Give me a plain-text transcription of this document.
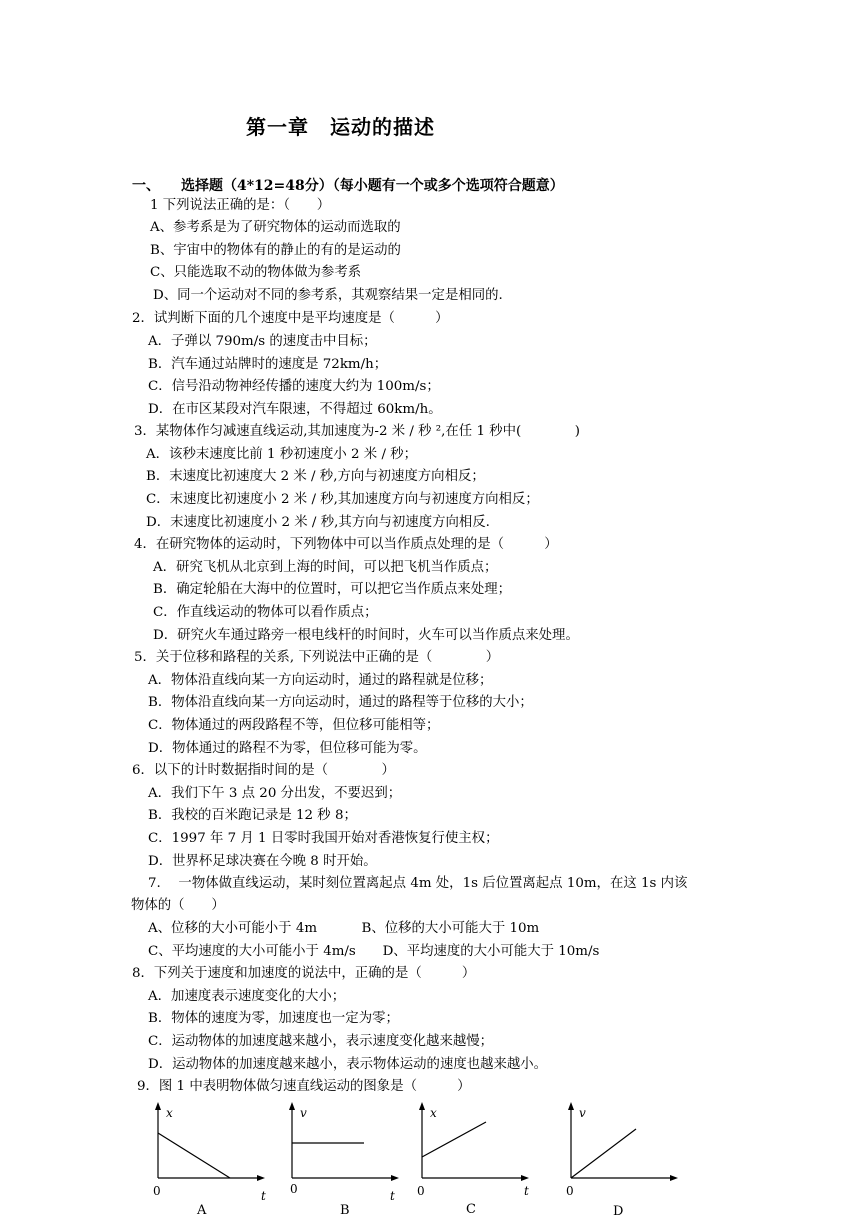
第一章　运动的描述
一、　　选择题（4*12=48分）（每小题有一个或多个选项符合题意）
1 下列说法正确的是：（　　）
A、参考系是为了研究物体的运动而选取的
B、宇宙中的物体有的静止的有的是运动的
C、只能选取不动的物体做为参考系
D、同一个运动对不同的参考系，其观察结果一定是相同的.
2．试判断下面的几个速度中是平均速度是（　　　）
A．子弹以 790m/s 的速度击中目标；
B．汽车通过站牌时的速度是 72km/h；
C．信号沿动物神经传播的速度大约为 100m/s；
D．在市区某段对汽车限速，不得超过 60km/h。
3．某物体作匀减速直线运动,其加速度为-2 米 / 秒 ²,在任 1 秒中(　　　　)
A．该秒末速度比前 1 秒初速度小 2 米 / 秒；
B．末速度比初速度大 2 米 / 秒,方向与初速度方向相反；
C．末速度比初速度小 2 米 / 秒,其加速度方向与初速度方向相反；
D．末速度比初速度小 2 米 / 秒,其方向与初速度方向相反.
4．在研究物体的运动时，下列物体中可以当作质点处理的是（　　　）
A．研究飞机从北京到上海的时间，可以把飞机当作质点；
B．确定轮船在大海中的位置时，可以把它当作质点来处理；
C．作直线运动的物体可以看作质点；
D．研究火车通过路旁一根电线杆的时间时，火车可以当作质点来处理。
5．关于位移和路程的关系, 下列说法中正确的是（　　　　）
A．物体沿直线向某一方向运动时，通过的路程就是位移；
B．物体沿直线向某一方向运动时，通过的路程等于位移的大小；
C．物体通过的两段路程不等，但位移可能相等；
D．物体通过的路程不为零，但位移可能为零。
6．以下的计时数据指时间的是（　　　　）
A．我们下午 3 点 20 分出发，不要迟到；
B．我校的百米跑记录是 12 秒 8；
C．1997 年 7 月 1 日零时我国开始对香港恢复行使主权；
D．世界杯足球决赛在今晚 8 时开始。
7.　 一物体做直线运动，某时刻位置离起点 4m 处，1s 后位置离起点 10m，在这 1s 内该
物体的（　　）
A、位移的大小可能小于 4m　　　 B、位移的大小可能大于 10m
C、平均速度的大小可能小于 4m/s　　D、平均速度的大小可能大于 10m/s
8．下列关于速度和加速度的说法中，正确的是（　　　）
A．加速度表示速度变化的大小；
B．物体的速度为零，加速度也一定为零；
C．运动物体的加速度越来越小，表示速度变化越来越慢；
D．运动物体的加速度越来越小，表示物体运动的速度也越来越小。
9．图 1 中表明物体做匀速直线运动的图象是（　　　）
x
0	t
A
v
0	t
B
x
0	t
C
v
0
D
